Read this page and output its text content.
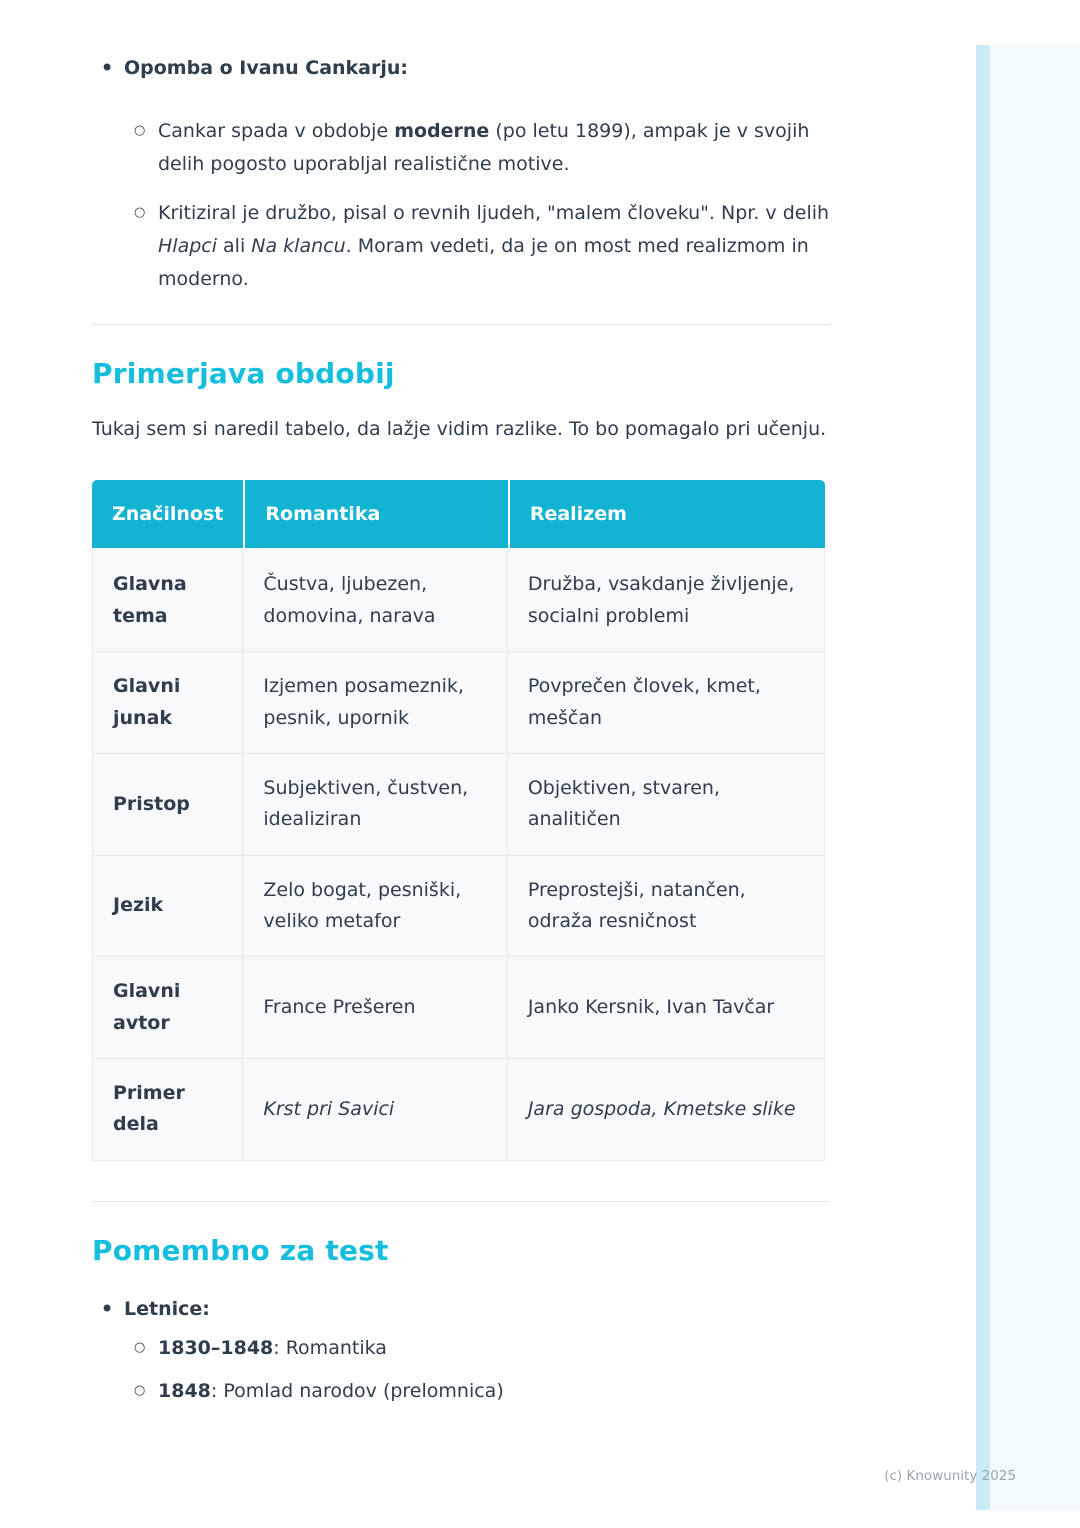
•
Opomba o Ivanu Cankarju:
○
Cankar spada v obdobje moderne (po letu 1899), ampak je v svojih delih pogosto uporabljal realistične motive.
○
Kritiziral je družbo, pisal o revnih ljudeh, "malem človeku". Npr. v delih Hlapci ali Na klancu. Moram vedeti, da je on most med realizmom in moderno.
Primerjava obdobij

Tukaj sem si naredil tabelo, da lažje vidim razlike. To bo pomagalo pri učenju.

Značilnost	Romantika	Realizem
Glavna tema	Čustva, ljubezen, domovina, narava	Družba, vsakdanje življenje, socialni problemi
Glavni junak	Izjemen posameznik, pesnik, upornik	Povprečen človek, kmet, meščan
Pristop	Subjektiven, čustven, idealiziran	Objektiven, stvaren, analitičen
Jezik	Zelo bogat, pesniški, veliko metafor	Preprostejši, natančen, odraža resničnost
Glavni avtor	France Prešeren	Janko Kersnik, Ivan Tavčar
Primer dela	Krst pri Savici	Jara gospoda, Kmetske slike
Pomembno za test
•
Letnice:
○
1830–1848: Romantika
○
1848: Pomlad narodov (prelomnica)
(c) Knowunity 2025
